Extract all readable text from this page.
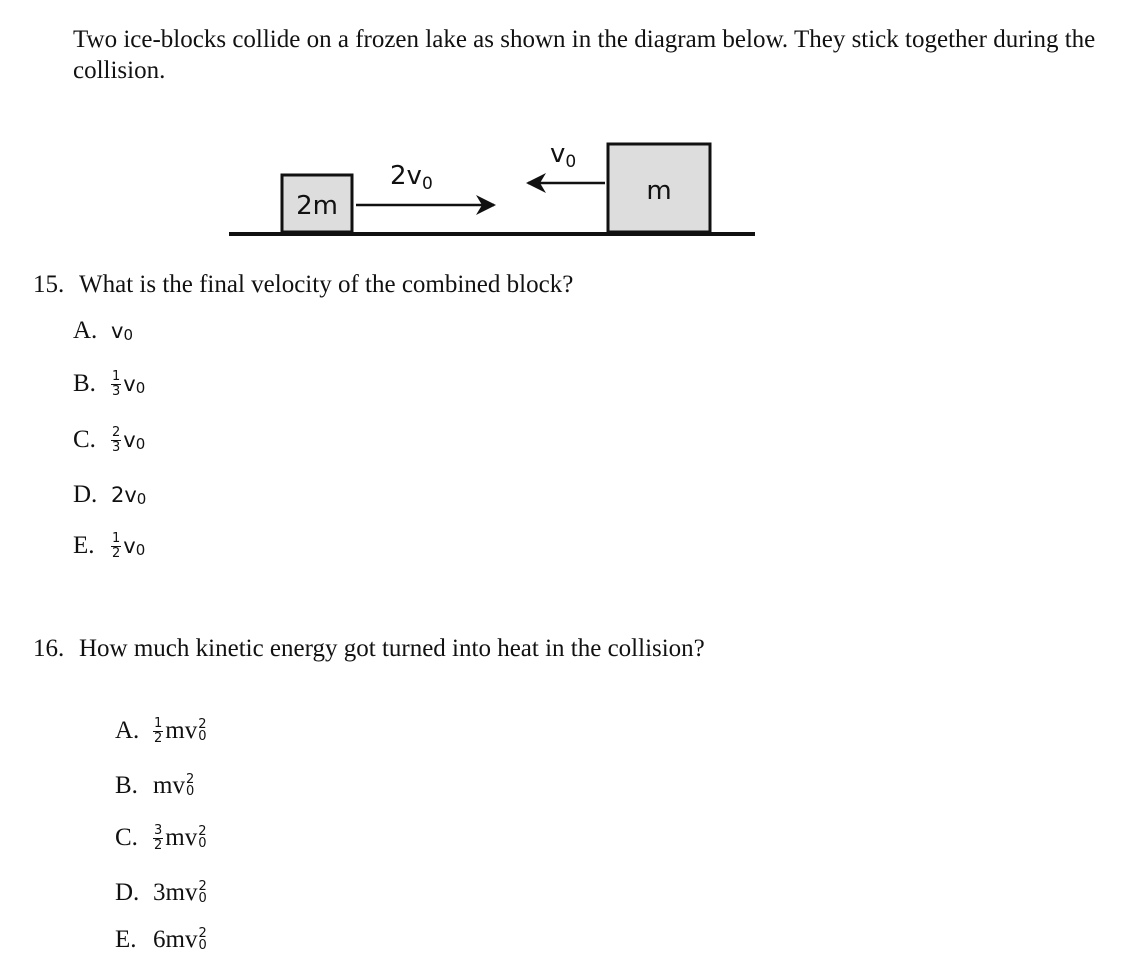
Two ice-blocks collide on a frozen lake as shown in the diagram below. They stick together during the collision.
2m	m
2v0
v0
15. What is the final velocity of the combined block?
A. v 0
B.	$\frac{1}{3}$ v 0
C.	$\frac{2}{3}$ v 0
D. 2v 0
E.	$\frac{1}{2}$ v 0
16. How much kinetic energy got turned into heat in the collision?
A.	$\frac{1}{2}$ mv 2
0
B. mv 2
0
C.	$\frac{3}{2}$ mv 2
0
D. 3mv 2
0
E. 6mv 2
0
